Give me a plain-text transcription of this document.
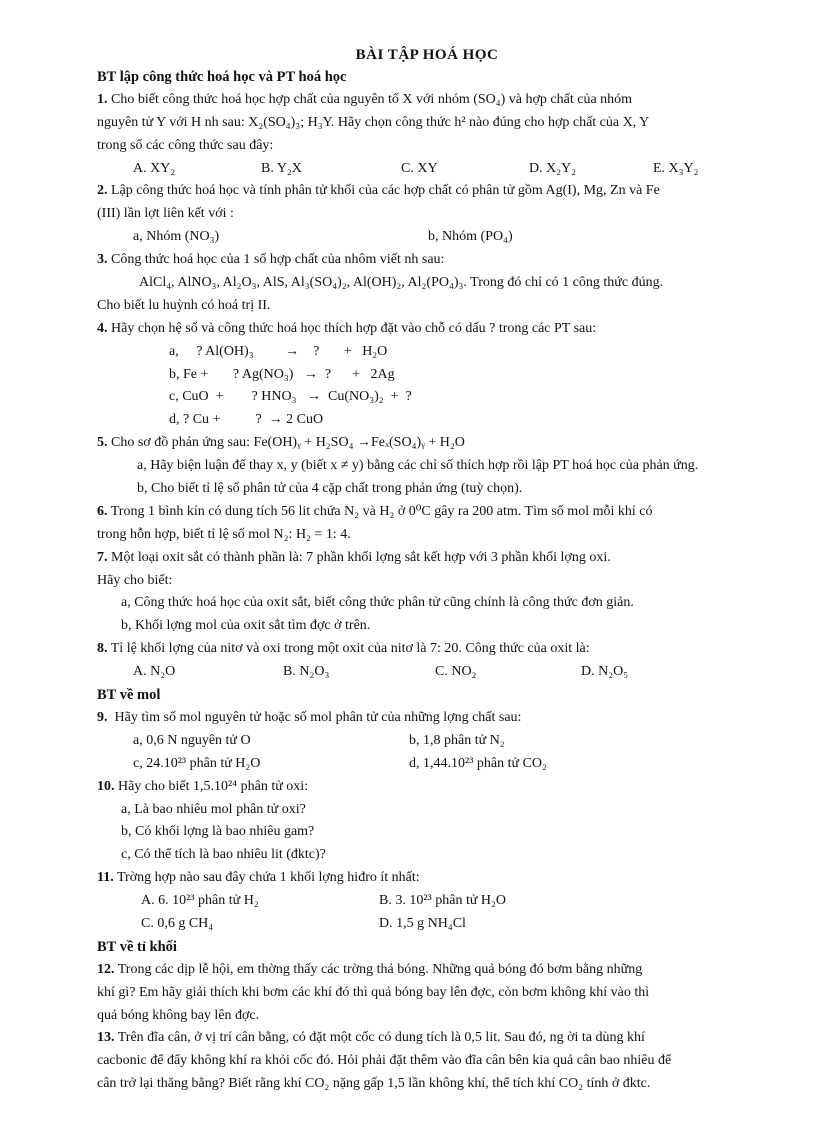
BÀI TẬP HOÁ HỌC
BT lập công thức hoá học và PT hoá học
1. Cho biết công thức hoá học hợp chất của nguyên tố X với nhóm (SO₄) và hợp chất của nhóm
nguyên tử Y với H nh sau: X₂(SO₄)₃; H₃Y. Hãy chọn công thức h² nào đúng cho hợp chất của X, Y
trong số các công thức sau đây:
A. XY₂	B. Y₂X	C. XY	D. X₂Y₂	E. X₃Y₂
2. Lập công thức hoá học và tính phân tử khối của các hợp chất có phân tử gồm Ag(I), Mg, Zn và Fe
(III) lần lợt liên kết với :
a, Nhóm (NO₃)	b, Nhóm (PO₄)
3. Công thức hoá học của 1 số hợp chất của nhôm viết nh sau:
AlCl₄, AlNO₃, Al₂O₃, AlS, Al₃(SO₄)₂, Al(OH)₂, Al₂(PO₄)₃. Trong đó chỉ có 1 công thức đúng.
Cho biết lu huỳnh có hoá trị II.
4. Hãy chọn hệ số và công thức hoá học thích hợp đặt vào chỗ có dấu ? trong các PT sau:
a,     ? Al(OH)₃         →    ?       +   H₂O
b, Fe +       ? Ag(NO₃)   →  ?      +   2Ag
c, CuO  +        ? HNO₃   →  Cu(NO₃)₂  +  ?
d, ? Cu +          ?  → 2 CuO
5. Cho sơ đồ phản ứng sau: Fe(OH)ᵧ + H₂SO₄ →Feₓ(SO₄)ᵧ + H₂O
a, Hãy biện luận để thay x, y (biết x ≠ y) bằng các chỉ số thích hợp rồi lập PT hoá học của phản ứng.
b, Cho biết tỉ lệ số phân tử của 4 cặp chất trong phản ứng (tuỳ chọn).
6. Trong 1 bình kín có dung tích 56 lit chứa N₂ và H₂ ở 0⁰C gây ra 200 atm. Tìm số mol mỗi khí có
trong hỗn hợp, biết tỉ lệ số mol N₂: H₂ = 1: 4.
7. Một loại oxit sắt có thành phần là: 7 phần khối lợng sắt kết hợp với 3 phần khối lợng oxi.
Hãy cho biết:
a, Công thức hoá học của oxit sắt, biết công thức phân tử cũng chính là công thức đơn giản.
b, Khối lợng mol của oxit sắt tìm đợc ở trên.
8. Tỉ lệ khối lợng của nitơ và oxi trong một oxit của nitơ là 7: 20. Công thức của oxit là:
A. N₂O	B. N₂O₃	C. NO₂	D. N₂O₅
BT về mol
9. Hãy tìm số mol nguyên tử hoặc số mol phân tử của những lợng chất sau:
a, 0,6 N nguyên tử O	b, 1,8 phân tử N₂
c, 24.10²³ phân tử H₂O	d, 1,44.10²³ phân tử CO₂
10. Hãy cho biết 1,5.10²⁴ phân tử oxi:
a, Là bao nhiêu mol phân tử oxi?
b, Có khối lợng là bao nhiêu gam?
c, Có thể tích là bao nhiêu lit (đktc)?
11. Trờng hợp nào sau đây chứa 1 khối lợng hiđro ít nhất:
A. 6. 10²³ phân tử H₂	B. 3. 10²³ phân tử H₂O
C. 0,6 g CH₄	D. 1,5 g NH₄Cl
BT về tỉ khối
12. Trong các dịp lễ hội, em thờng thấy các trờng thả bóng. Những quả bóng đó bơm bằng những
khí gì? Em hãy giải thích khi bơm các khí đó thì quả bóng bay lên đợc, còn bơm không khí vào thì
quả bóng không bay lên đợc.
13. Trên đĩa cân, ở vị trí cân bằng, có đặt một cốc có dung tích là 0,5 lit. Sau đó, ng ời ta dùng khí
cacbonic để đẩy không khí ra khỏi cốc đó. Hỏi phải đặt thêm vào đĩa cân bên kia quả cân bao nhiêu để
cân trở lại thăng bằng? Biết rằng khí CO₂ nặng gấp 1,5 lần không khí, thể tích khí CO₂ tính ở đktc.
